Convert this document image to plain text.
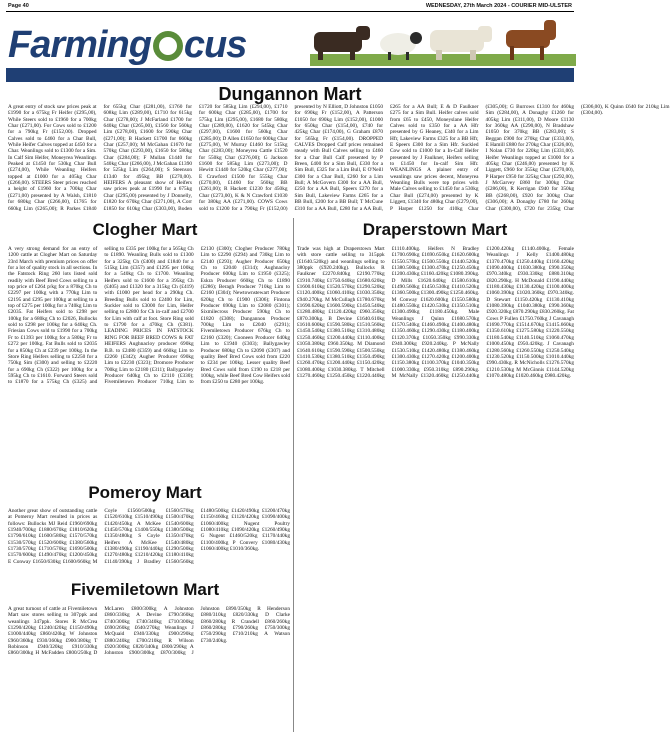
Page 40	WEDNESDAY, 27th March 2024 - COURIER MID-ULSTER
Farming cus
Dungannon Mart
A great entry of stock saw prices peak at £1990 for a 675kg Fr Heifer (£295,00), While Steers sold to £1960 for a 700kg Char (£271,00). For Cows sold to £1200 for a 790kg Fr (£152,00). Dropped Calves sold to £460 for a Char Bull, While Heifer Calves topped at £450 for a Char. Weanlings sold to £1300 for a Sim. In Calf Sim Heifer, Moneyrea Weanlings Peaked at £1450 for 530kg Char Bull (£274,00), While Weanling Heifers topped at £1000 for a 405kg Char (£266,00). STEERS Steer prices reached a height of £1960 for a 700kg Char (£271,00) presented by A Walsh, £1810 for 680kg Char (£266,00), £1765 for 660kg Lim (£265,00); R Parkes £1840 for 655kg Char (£281,00), £1760 for 608kg Lim (£289,00), £1710 for 615kg Char (£278,00); J McFarland £1700 for 640kg Char (£265,00), £1560 for 560kg Lim (£278,00), £1600 for 590kg Char (£271,00); B Hackett £1700 for 660kg Char (£257,00); M McGahan £1670 for 570kg Char (£293,00), £1650 for 580kg Char (£284,00); F Mullan £1440 for 540kg Char (£266,00), J McGahan £1390 for 525kg Lim (£264,00); S Steenson £1340 for 495kg BB (£270,00). HEIFERS A pleasant show of Heifers saw prices peak at £1990 for a 675kg Char (£295,00) presented by J Donnelly, £1820 for 670kg Char (£271,00), A Corr £1850 for 610kg Char (£303,00), Boden £1720 for 585kg Lim (£294,00), £1710 for 600kg Char (£285,00), £1700 for 575kg Lim (£295,00), £1680 for 580kg Char (£289,00), £1620 for 545kg Char (£297,00), £1600 for 560kg Char (£285,00); D Allen £1650 for 600kg Char (£275,00), W Murray £1460 for 515kg Char (£283,00); Moneyrea Cattle £1520 for 550kg Char (£276,00); G Jackson £1600 for 585kg Lim (£273,00); D Hewitt £1440 for 520kg Char (£277,00); E Crawford £1500 for 555kg Char (£270,00), £1460 for 560kg BB (£261,00); R Hackett £1230 for 450kg Char (£273,00), K & N Crawford £1030 for 380kg AA (£271,00). COWS Cows sold to £1200 for a 790kg Fr (£152,00) presented by N Elliott, D Johnston £1050 for 690kg Fr (£152,00), A Patterson £1050 for 690kg Lim (£152,00), £1000 for 650kg Char (£154,00), £740 for 425kg Char (£174,00), G Graham £870 for 565kg Fr (£154,00). DROPPED CALVES Dropped Calf prices remained steady with Bull Calves selling to £460 for a Char Bull Calf presented by P Breen, £400 for a Sim Bull, £330 for a Sim Bull, £325 for a Lim Bull, E O'Neill £300 for a Char Bull, £260 for a Lim Bull; A McGovern £300 for a AA Bull, £250 for a AA Bull, Speers £270 for a Sim Bull, Lakeview Farms £265 for a BB Bull, £200 for a BB Bull; T McCune £310 for a AA Bull, £280 for a AA Bull, £265 for a AA Bull; E & D Faulkner £275 for a Sim Bull. Heifer calves sold from £65 to £450, Moneyslane Heifer Calves sold to £350 for a AA Hfr presented by G Heaney, £340 for a Lim Hfr, Lakeview Farms £325 for a BB Hfr, E Speers £300 for a Sim Hfr. Suckled Cow sold to £1000 for a In-Calf Heifer presented by J Faulkner, Heifers selling to £1450 for In-calf Sim Hfr. WEANLINGS A plainer entry of weanlings saw prices decent, Moneyrea Weanling Bulls were top prices with Male Calves selling to £1450 for a 530kg Char Bull (£274,00) presented by K Liggett, £1340 for 480kg Char (£279,00), P Harper £1250 for 410kg Char (£305,00); G Burrows £1310 for 460kg Sim (£284,00), A Donaghy £1260 for 405kg Lim (£311,00), D Moore £1130 for 360kg AA (£290,00), N Bradshaw £1050 for 370kg BB (£283,00); S Beggan £900 for 270kg Char (£333,00), E Hamill £880 for 270kg Char (£326,00), I Nolan £730 for 220kg Lim (£331,00). Heifer Weanlings topped at £1000 for a 405kg Char (£246,00) presented by K Liggett, £960 for 355kg Char (£270,00), P Harper £950 for 325kg Char (£292,00), J McGarvey £860 for 300kg Char (£286,00), R Kerrigan £940 for 350kg BB (£268,00), £920 for 300kg Char (£306,00); A Donaghy £780 for 260kg Char (£300,00), £720 for 235kg Char (£306,00), K Quinn £640 for 210kg Lim (£304,00).
Clogher Mart
A very strong demand for an entry of 1200 cattle at Clogher Mart on Saturday 23rd March with premium prices on offer for a lot of quality stock in all sections. In the Fatstock Ring 260 lots listed sold readily with Beef Bred Cows selling to a top price of £264 p/kg for a 870kg Ch to £2297 per 100kg with a 770kg Lim to £2195 and £295 per 100kg at selling to a top of £275 per 100kg for a 740kg Lim to £2035. Fat Heifers sold to £298 per 100kg for a 680kg Ch to £2026, Bullocks sold to £298 per 100kg for a 640kg Ch. Friesian Cows sold to £1990 for a 700kg Fr to £1393 per 100kg for a 580kg Fr to £272 per 100kg. Fat Bulls sold to £2035 for a 850kg Ch at £239 per 100kg. In the Store Ring Heifers selling to £2250 for a 750kg Sim (£300) and selling to £2220 for a 690kg Ch (£322) per 100kg for a 595kg Ch to £1610. Forward Steers sold to £1870 for a 575kg Ch (£325) and selling to £335 per 100kg for a 565kg Ch to £1890. Weanling Bulls sold to £1300 for a 325kg Ch (£400) and £1840 for a 515kg Lim (£357) and £1295 per 100kg for a 540kg Ch to £1700. Weanling Heifers sold to £1600 for a 395kg Ch (£405) and £1320 for a 315kg Ch (£419) with £1000 per head for a 290kg Ch. Breeding Bulls sold to £2400 for Lim, Suckler sold to £3000 for Lim, Heifer selling to £2800 for Ch in-calf and £2700 for Lim with calf at foot. Store Ring sold to £1790 for a 470kg Ch (£381). LEADING PRICES IN FATSTOCK RING FOR BEEF BRED COWS & FAT HEIFERS Aughnacloy producer 690kg B.B. to £2480 (£359) and 660kg Lim to £2260 (£342); Augher Producer 690kg Lim to £2230 (£323); Dromore Producer 700kg Lim to £2180 (£311); Ballygawley Producer 640kg Ch to £2110 (£330); Fivemiletown Producer 710kg Lim to £2130 (£300); Clogher Producer 780kg Lim to £2290 (£294) and 730kg Lim to £2140 (£293); Augher Producer 650kg Ch to £2040 (£314); Aughnacloy Producer 600kg Lim to £1950 (£325); Eskra Producer 660kg Ch to £1890 (£286); Beragh Producer 710kg Lim to £2160 (£304); Newtownstewart Producer 620kg Ch to £1900 (£306); Fintona Producer 690kg Lim to £2080 (£301); Sixmilecross Producer 590kg Ch to £1820 (£308); Dungannon Producer 700kg Lim to £2040 (£291); Fivemiletown Producer 676kg Ch to £2160 (£320); Cooneen Producer 640kg Lim to £1940 (£303); Ballygawley Producer 680kg Ch to £2090 (£307) and quality Beef Bred Cows sold from £220 to £234 per 100kg. Lesser quality Beef Bred Cows sold from £190 to £218 per 100kg, while Beef Bred Cow Heifers sold from £250 to £280 per 100kg.
Draperstown Mart
Trade was high at Draperstown Mart with store cattle selling to 315ppk (£1640.520kg) and weanlings selling to 380ppk (£920.240kg). Bullocks R Faulkner £2270.840kg £2190.770kg £1910.740kg £1750.640kg £1680.620kg £1600.610kg £1520.570kg £1290.520kg £1120.400kg £1060.410kg £1030.350kg £940.270kg. M McCullagh £1780.670kg £1690.620kg £1600.590kg £1450.540kg £1280.480kg £1120.420kg £960.350kg £870.300kg. B Devine £1640.610kg £1610.600kg £1590.580kg £1510.560kg £1450.540kg £1380.510kg £1310.480kg £1250.460kg £1200.440kg £1110.400kg £1050.380kg £960.350kg. M Diamond £1640.610kg £1590.590kg £1500.550kg £1410.530kg £1380.510kg £1350.490kg £1260.470kg £1200.440kg £1150.420kg £1080.400kg £1030.380kg. T Mitchell £1270.460kg £1250.450kg £1220.440kg £1110.400kg. Heifers N Bradley £1700.690kg £1690.650kg £1620.600kg £1550.570kg £1500.550kg £1440.520kg £1380.500kg £1300.470kg £1250.450kg £1200.430kg £1160.420kg £1080.390kg. D Mills £1620.640kg £1580.610kg £1490.560kg £1450.530kg £1410.520kg £1360.500kg £1300.490kg £1250.460kg. M Conway £1620.600kg £1550.580kg £1480.550kg £1420.530kg £1350.510kg £1300.490kg £1180.450kg. Male Weanlings J Quinn £1680.570kg £1570.540kg £1460.490kg £1400.480kg £1350.460kg £1290.430kg £1180.400kg £1120.370kg £1050.350kg £990.330kg £940.300kg £920.240kg. P McNally £1530.510kg £1420.480kg £1380.460kg £1300.430kg £1270.420kg £1200.400kg £1150.380kg £1100.370kg £1040.350kg £1000.330kg £950.310kg £890.290kg. M McNally £1320.460kg £1250.440kg £1200.420kg £1140.400kg. Female Weanlings J Kelly £1400.480kg £1370.470kg £1250.440kg £1160.420kg £1090.400kg £1030.380kg £990.350kg £970.340kg £930.330kg £880.310kg £820.290kg. H McDonald £1190.440kg £1180.430kg £1130.420kg £1100.400kg £1060.390kg £1020.360kg £970.340kg. D Stewart £1150.420kg £1130.410kg £1080.390kg £1040.380kg £990.360kg £920.320kg £870.290kg £830.260kg. Fat Cows P Fullen £1750.760kg J Cavanagh £1690.770kg £1514.670kg £1415.660kg £1350.610kg £1275.580kg £1220.550kg £1180.540kg £1140.510kg £1060.470kg £1000.450kg £950.420kg. J Cavanagh £1280.560kg £1260.550kg £1250.540kg £1230.520kg £1150.500kg £1010.440kg £990.430kg. R McNicholls £1276.570kg £1210.530kg M McGinnis £1144.520kg £1070.480kg £1020.460kg £980.420kg.
Pomeroy Mart
Another great show of outstanding cattle at Pomeroy Mart resulted in prices as follows: Bullocks MJ Reid £1960/690kg £1940/700kg £1880/670kg £1810/620kg £1790/610kg £1600/580kg £1570/570kg £1530/570kg £1520/600kg £1380/560kg £1730/570kg £1710/570kg £1690/500kg £1570/600kg £1490/470kg £1200/450kg E Conway £1650/630kg £1600/660kg M Coyle £1560/500kg £1560/570kg £1520/610kg £1510/490kg £1500/470kg £1420/450kg A McKee £1540/600kg £1450/570kg £1400/550kg £1380/500kg £1350/480kg S Coyle £1350/470kg Heifers A McKee £1540/480kg £1380/490kg £1190/440kg £1290/500kg £1270/480kg £1210/420kg £1180/410kg £1140/390kg J Bradley £1560/560kg £1480/500kg £1420/490kg £1200/470kg £1150/460kg £1120/420kg £1090/400kg £1060/400kg Nugent Poultry £1080/410kg £1090/420kg £1260/490kg G Nugent £1460/520kg £1170/440kg £1100/400kg P Convery £1080/430kg £1060/400kg £1010/360kg.
Fivemiletown Mart
A great turnout of cattle at Fivemiletown Mart saw stores selling to 307ppk and weanlings 347ppk. Stores R McCrea £1290/420kg £1240/420kg £1150/490kg £1000/440kg £860/420kg W Johnston £960/360kg £930/360kg £900/380kg T Robinson £940/320kg £910/330kg £860/300kg H McFadden £800/250kg D McLaren £800/300kg A Johnston £860/330kg A Devine £790/360kg £740/300kg £740/340kg £710/300kg £690/260kg £640/270kg Weanlings J McQuaid £940/330kg £900/290kg £880/240kg £700/210kg R Wilson £920/300kg £820/340kg £800/290kg A Johnston £900/300kg £870/300kg J Johnston £890/350kg R Henderson £880/310kg £820/330kg D Clarke £860/280kg R Crandell £860/260kg £860/280kg £790/260kg £750/300kg £750/290kg £710/210kg A Watson £730/240kg.
